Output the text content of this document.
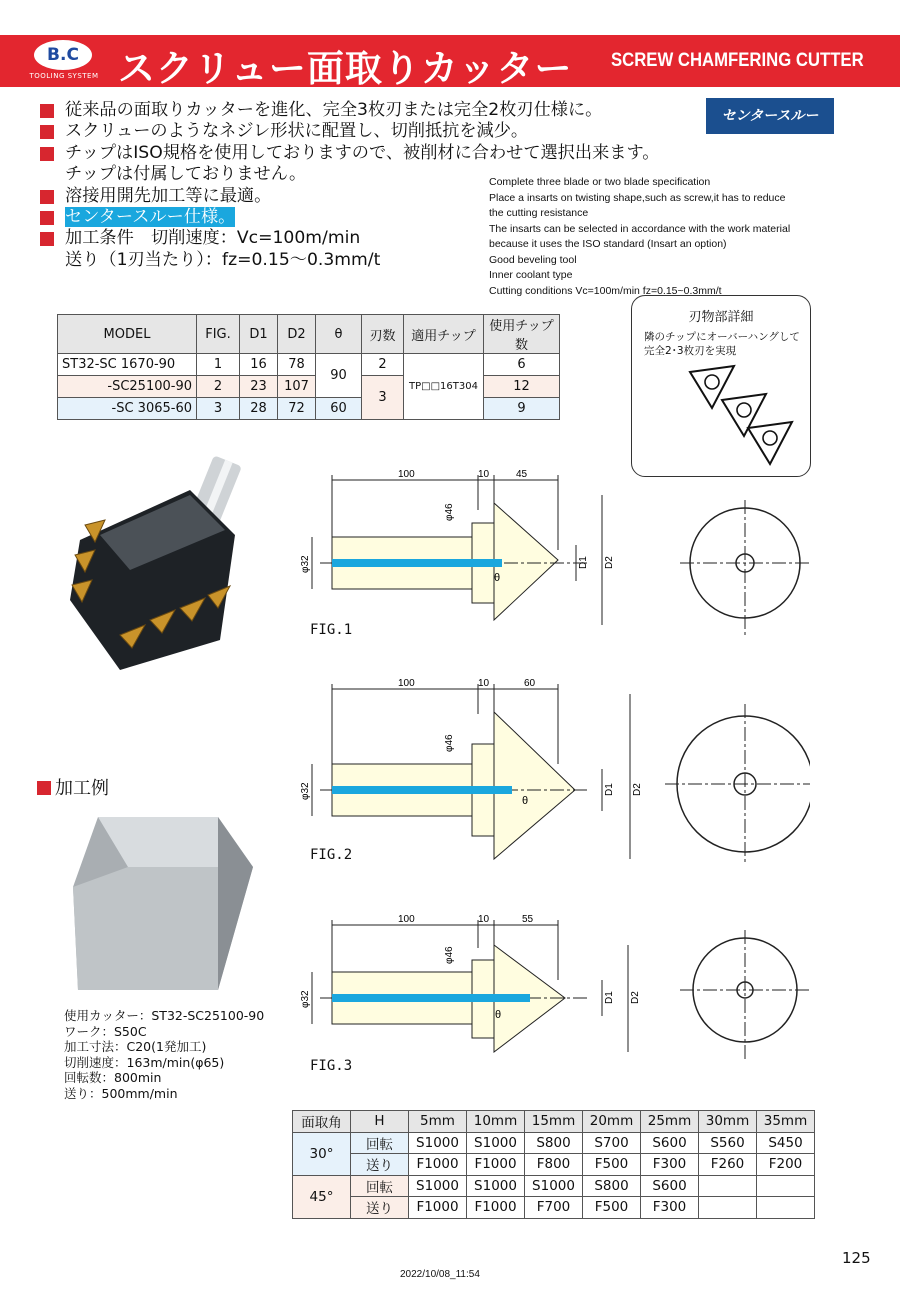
B.C
TOOLING SYSTEM スクリュー面取りカッター SCREW CHAMFERING CUTTER
従来品の面取りカッターを進化、完全3枚刃または完全2枚刃仕様に。
スクリューのようなネジレ形状に配置し、切削抵抗を減少。
チップはISO規格を使用しておりますので、被削材に合わせて選択出来ます。
チップは付属しておりません。
溶接用開先加工等に最適。
センタースルー仕様。
加工条件　切削速度：Vc=100m/min
送り（1刃当たり）：fz=0.15〜0.3mm/t
センタースルー
Complete three blade or two blade specification
Place a insarts on twisting shape,such as screw,it has to reduce
the cutting resistance
The insarts can be selected in accordance with the work material
because it uses the ISO standard (Insart an option)
Good beveling tool
Inner coolant type
Cutting conditions Vc=100m/min fz=0.15~0.3mm/t
MODEL	FIG.	D1	D2	θ	刃数	適用チップ	使用チップ数
ST32-SC 1670-90	1	16	78	90	2	TP□□16T304	6
-SC25100-90	2	23	107		3		12
-SC 3065-60	3	28	72	60			9
刃物部詳細
隣のチップにオーバーハングして
完全2･3枚刃を実現
100	10	45
φ46
φ32	D1 D2
θ
FIG.1
100	10	60
φ46
φ32	D1 D2
θ
FIG.2
100	10	55
φ46
φ32	D1 D2
θ
FIG.3
加工例
使用カッター：ST32-SC25100-90
ワーク：S50C
加工寸法：C20(1発加工)
切削速度：163m/min(φ65)
回転数：800min
送り：500mm/min
面取角	H	5mm	10mm	15mm	20mm	25mm	30mm	35mm
30°	回転	S1000	S1000	S800	S700	S600	S560	S450
	送り	F1000	F1000	F800	F500	F300	F260	F200
45°	回転	S1000	S1000	S1000	S800	S600		
	送り	F1000	F1000	F700	F500	F300		
125
2022/10/08_11:54
